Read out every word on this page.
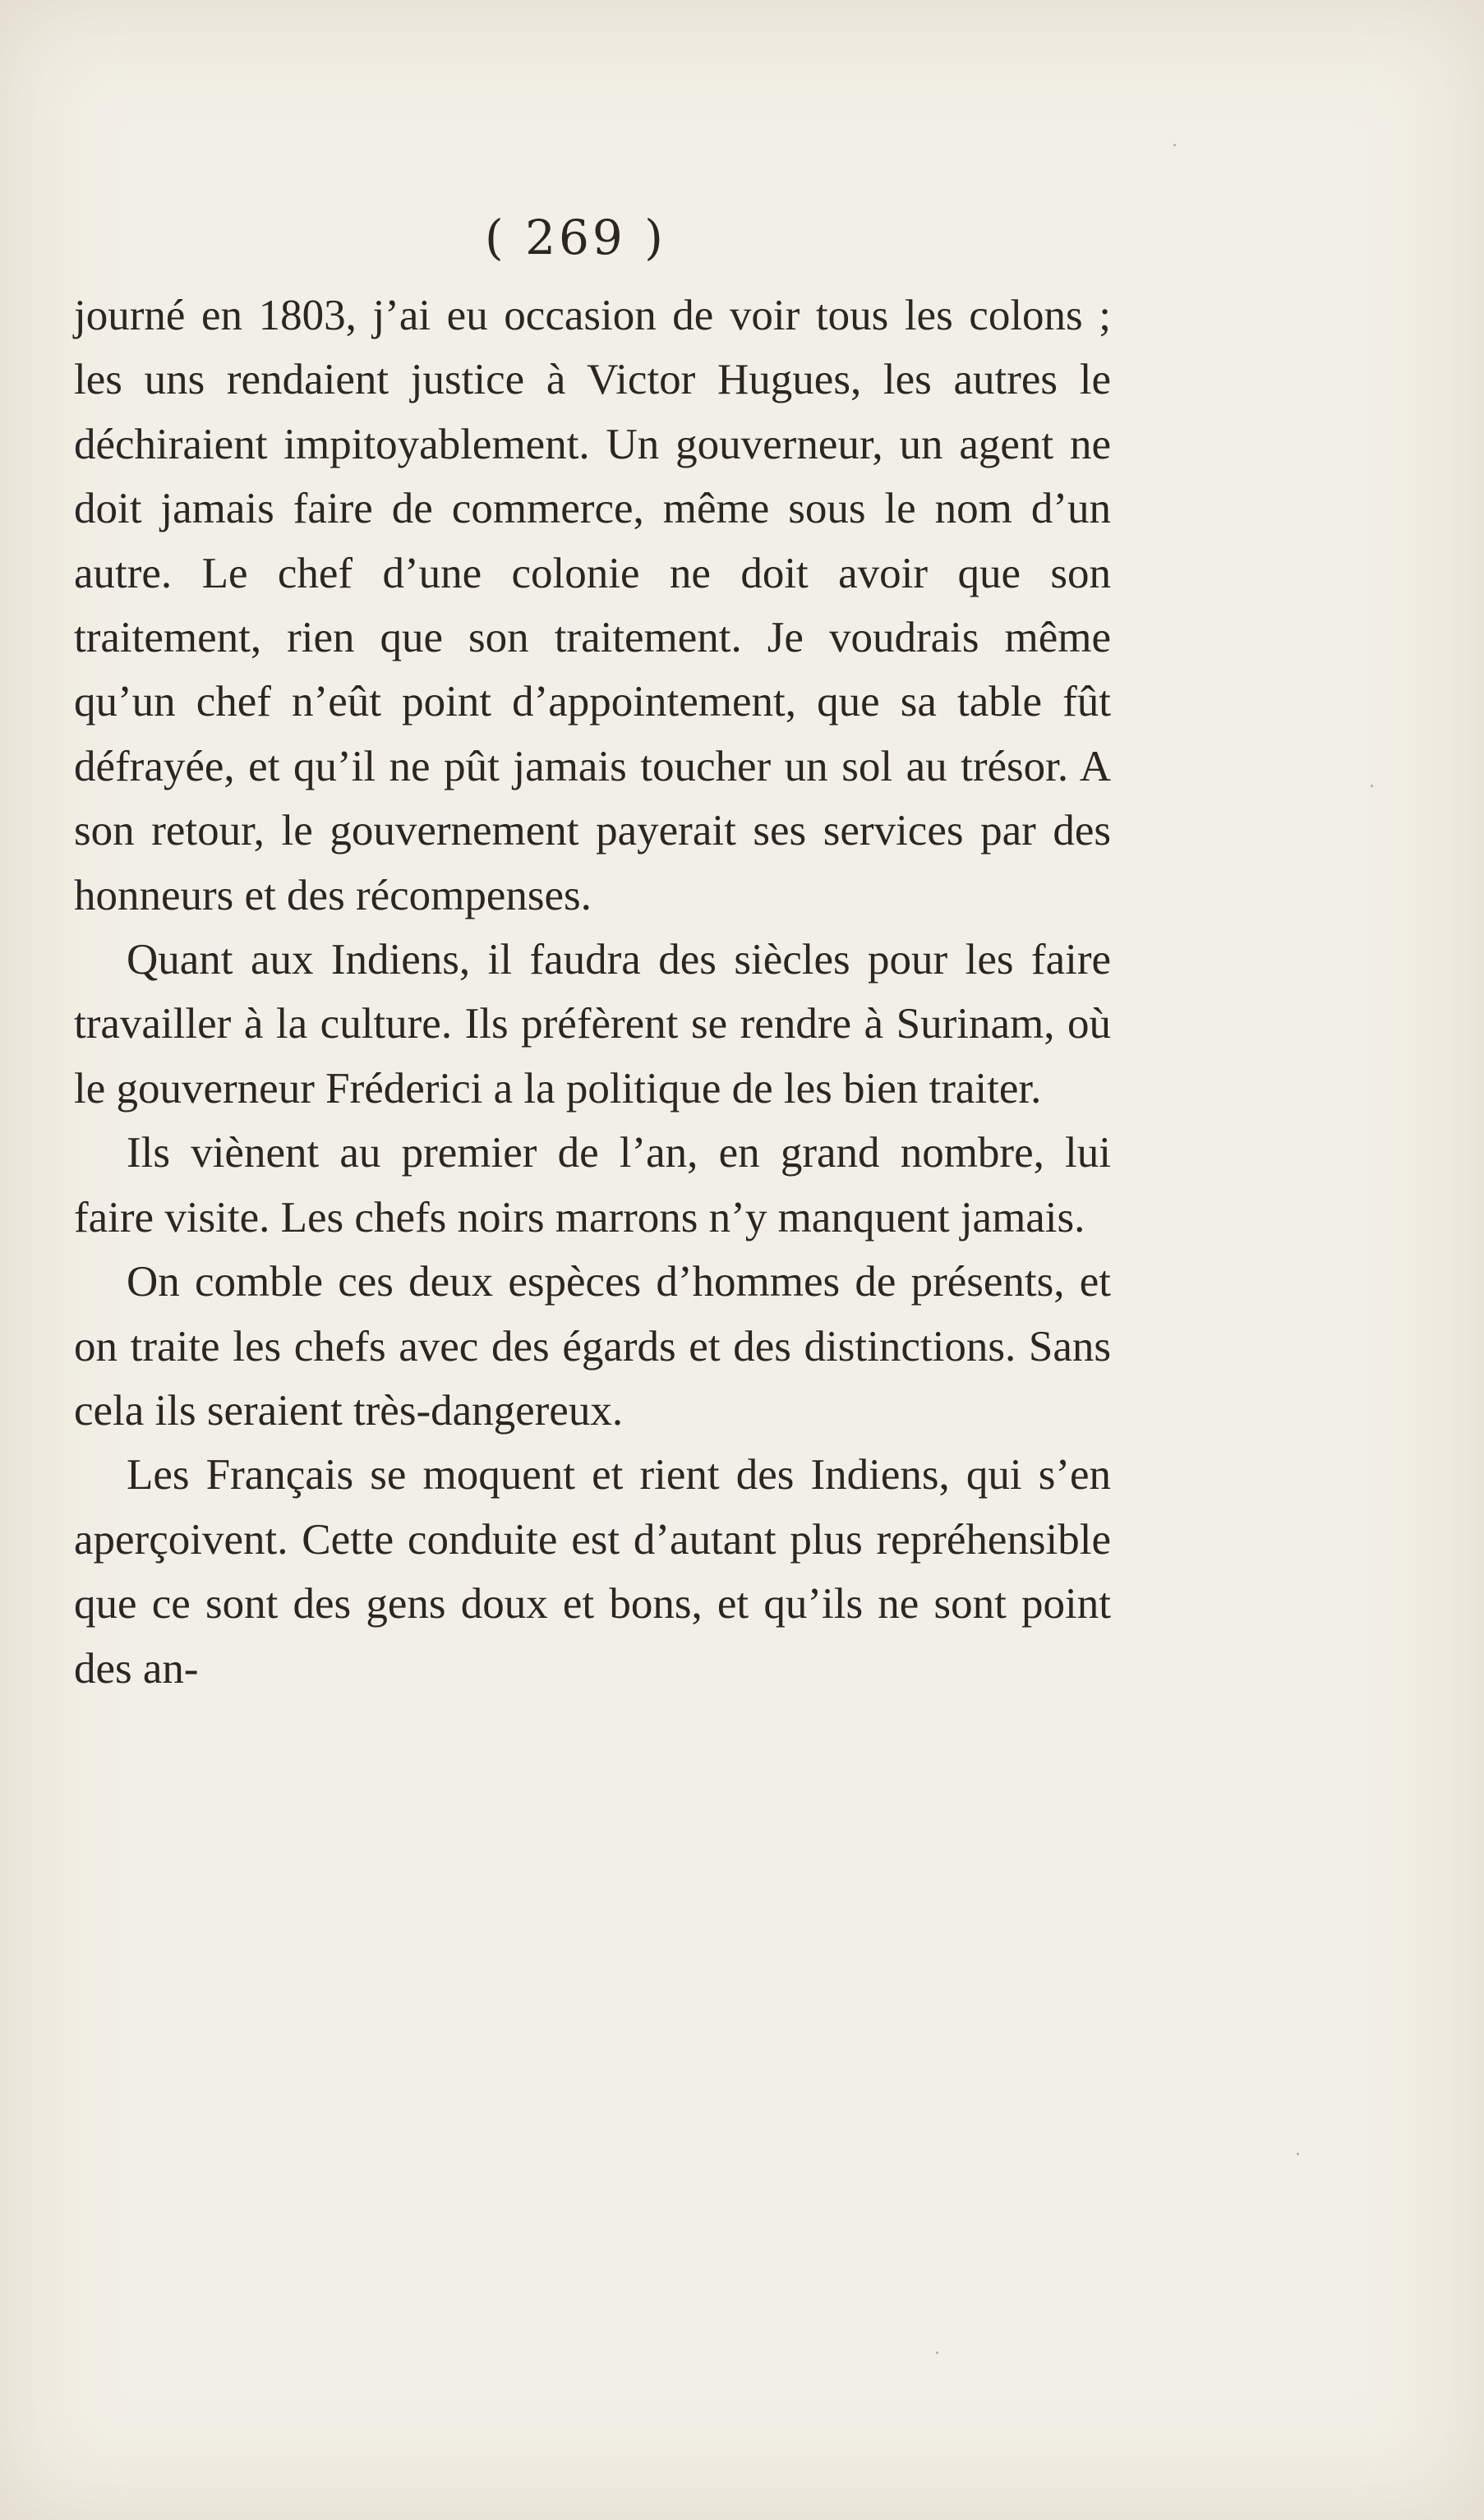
( 269 )

journé en 1803, j’ai eu occasion de voir tous les colons ; les uns rendaient justice à Victor Hugues, les autres le déchiraient impitoyablement. Un gouverneur, un agent ne doit jamais faire de commerce, même sous le nom d’un autre. Le chef d’une colonie ne doit avoir que son traitement, rien que son traitement. Je voudrais même qu’un chef n’eût point d’appointement, que sa table fût défrayée, et qu’il ne pût jamais toucher un sol au trésor. A son retour, le gouvernement payerait ses services par des honneurs et des récompenses.

Quant aux Indiens, il faudra des siècles pour les faire travailler à la culture. Ils préfèrent se rendre à Surinam, où le gouverneur Fréderici a la politique de les bien traiter.

Ils viènent au premier de l’an, en grand nombre, lui faire visite. Les chefs noirs marrons n’y manquent jamais.

On comble ces deux espèces d’hommes de présents, et on traite les chefs avec des égards et des distinctions. Sans cela ils seraient très-dangereux.

Les Français se moquent et rient des Indiens, qui s’en aperçoivent. Cette conduite est d’autant plus repréhensible que ce sont des gens doux et bons, et qu’ils ne sont point des an-
